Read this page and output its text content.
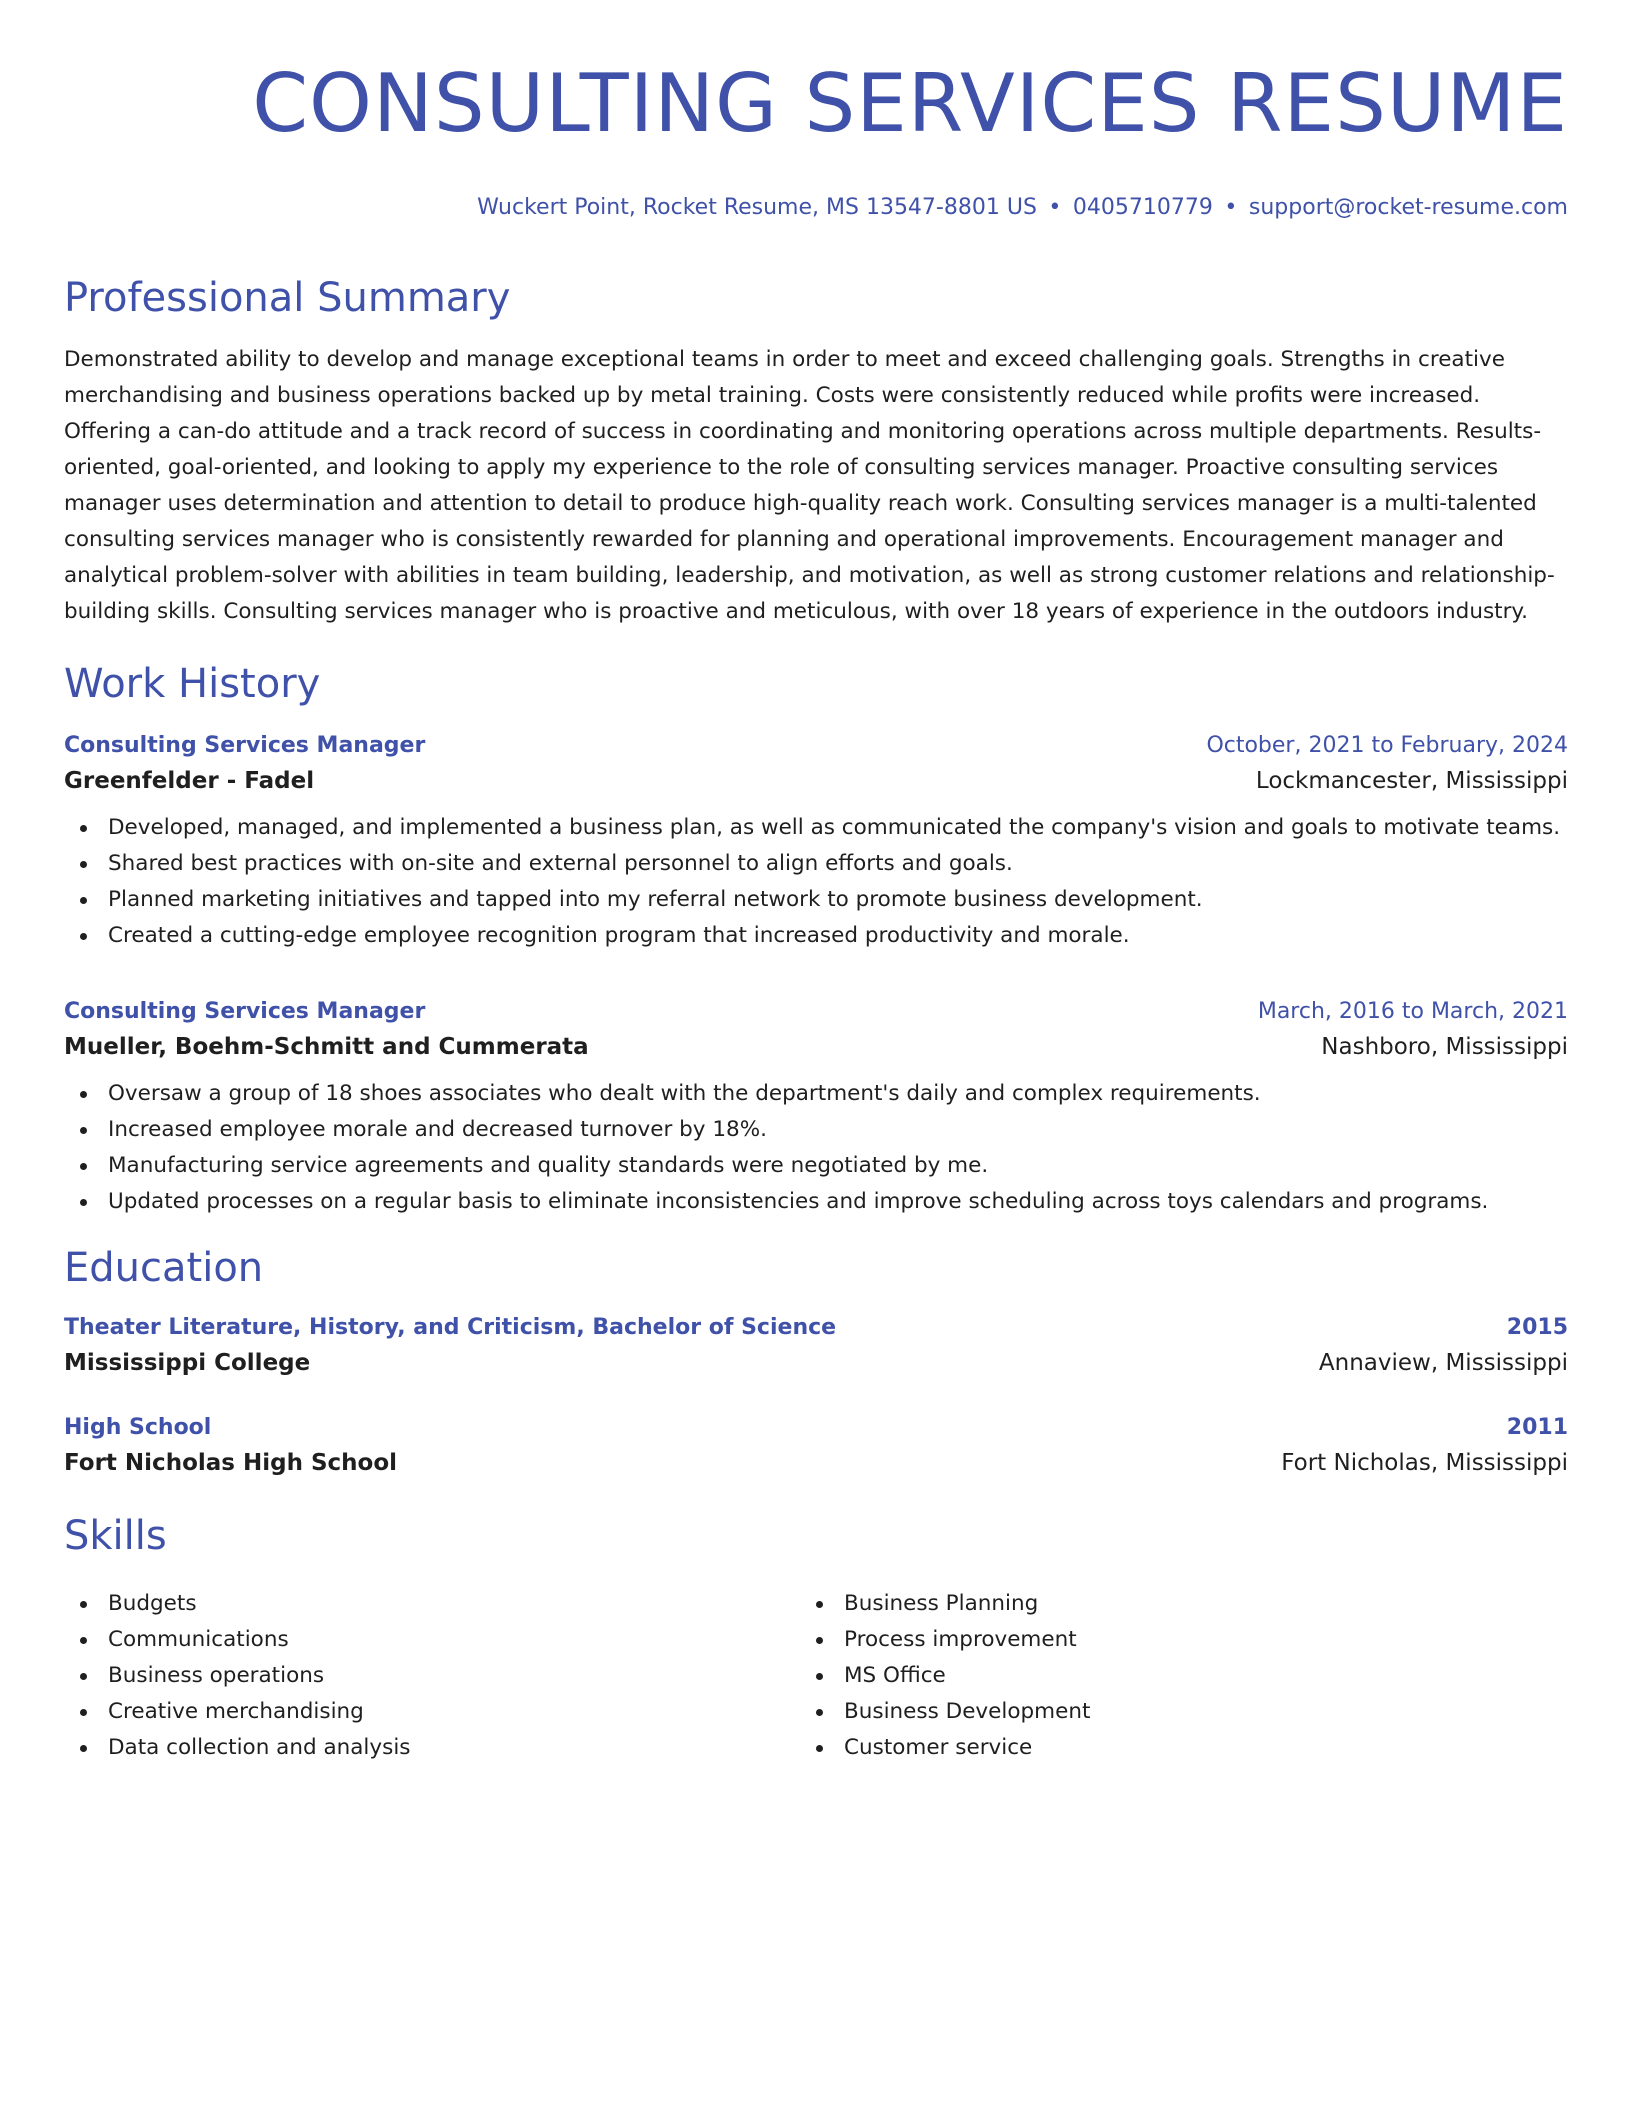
CONSULTING SERVICES RESUME
Wuckert Point, Rocket Resume, MS 13547-8801 US • 0405710779 • support@rocket-resume.com
Professional Summary

Demonstrated ability to develop and manage exceptional teams in order to meet and exceed challenging goals. Strengths in creative merchandising and business operations backed up by metal training. Costs were consistently reduced while profits were increased. Offering a can-do attitude and a track record of success in coordinating and monitoring operations across multiple departments. Results-oriented, goal-oriented, and looking to apply my experience to the role of consulting services manager. Proactive consulting services manager uses determination and attention to detail to produce high-quality reach work. Consulting services manager is a multi-talented consulting services manager who is consistently rewarded for planning and operational improvements. Encouragement manager and analytical problem-solver with abilities in team building, leadership, and motivation, as well as strong customer relations and relationship-building skills. Consulting services manager who is proactive and meticulous, with over 18 years of experience in the outdoors industry.

Work History
Consulting Services Manager	October, 2021 to February, 2024
Greenfelder - Fadel	Lockmancester, Mississippi
Developed, managed, and implemented a business plan, as well as communicated the company's vision and goals to motivate teams.
Shared best practices with on-site and external personnel to align efforts and goals.
Planned marketing initiatives and tapped into my referral network to promote business development.
Created a cutting-edge employee recognition program that increased productivity and morale.
Consulting Services Manager	March, 2016 to March, 2021
Mueller, Boehm-Schmitt and Cummerata	Nashboro, Mississippi
Oversaw a group of 18 shoes associates who dealt with the department's daily and complex requirements.
Increased employee morale and decreased turnover by 18%.
Manufacturing service agreements and quality standards were negotiated by me.
Updated processes on a regular basis to eliminate inconsistencies and improve scheduling across toys calendars and programs.
Education
Theater Literature, History, and Criticism, Bachelor of Science	2015
Mississippi College	Annaview, Mississippi
High School	2011
Fort Nicholas High School	Fort Nicholas, Mississippi
Skills
Budgets
Communications
Business operations
Creative merchandising
Data collection and analysis
Business Planning
Process improvement
MS Office
Business Development
Customer service
